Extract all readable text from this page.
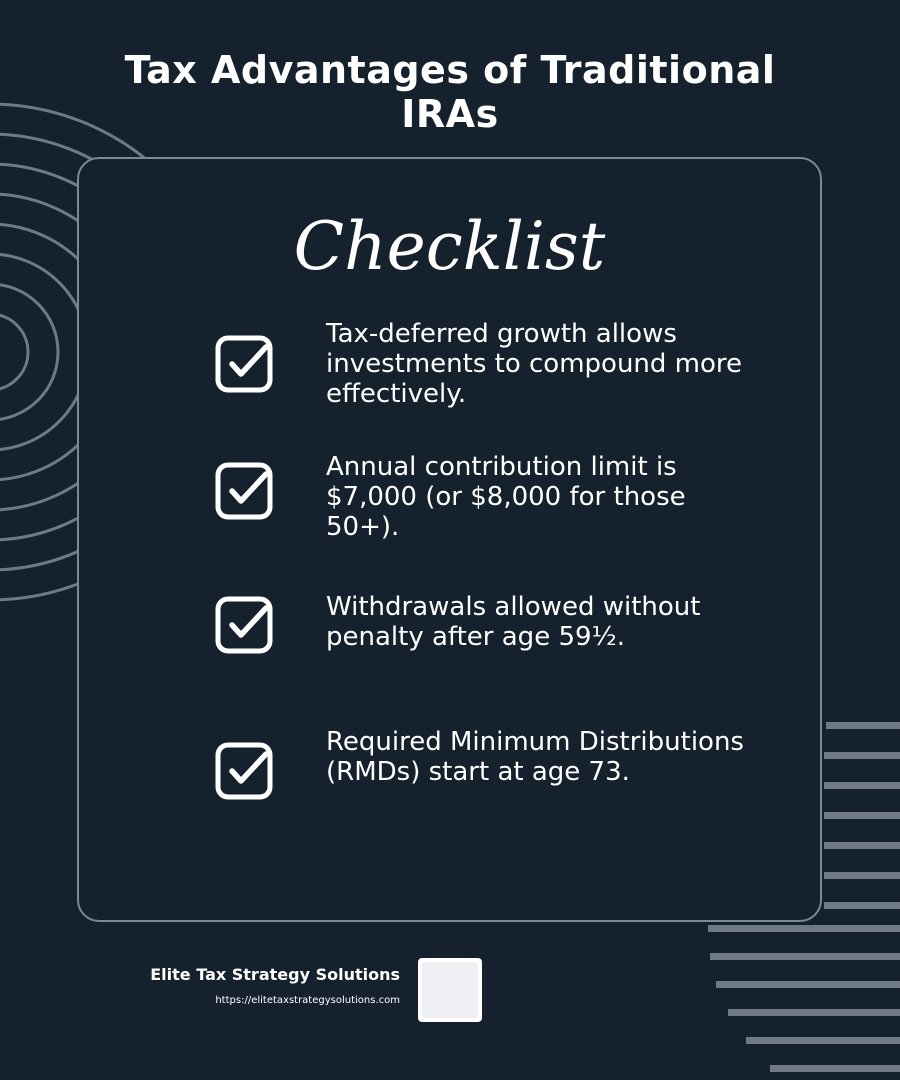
Tax Advantages of Traditional
IRAs
Checklist
Tax-deferred growth allows investments to compound more effectively.
Annual contribution limit is $7,000 (or $8,000 for those 50+).
Withdrawals allowed without penalty after age 59½.
Required Minimum Distributions (RMDs) start at age 73.
Elite Tax Strategy Solutions
https://elitetaxstrategysolutions.com
